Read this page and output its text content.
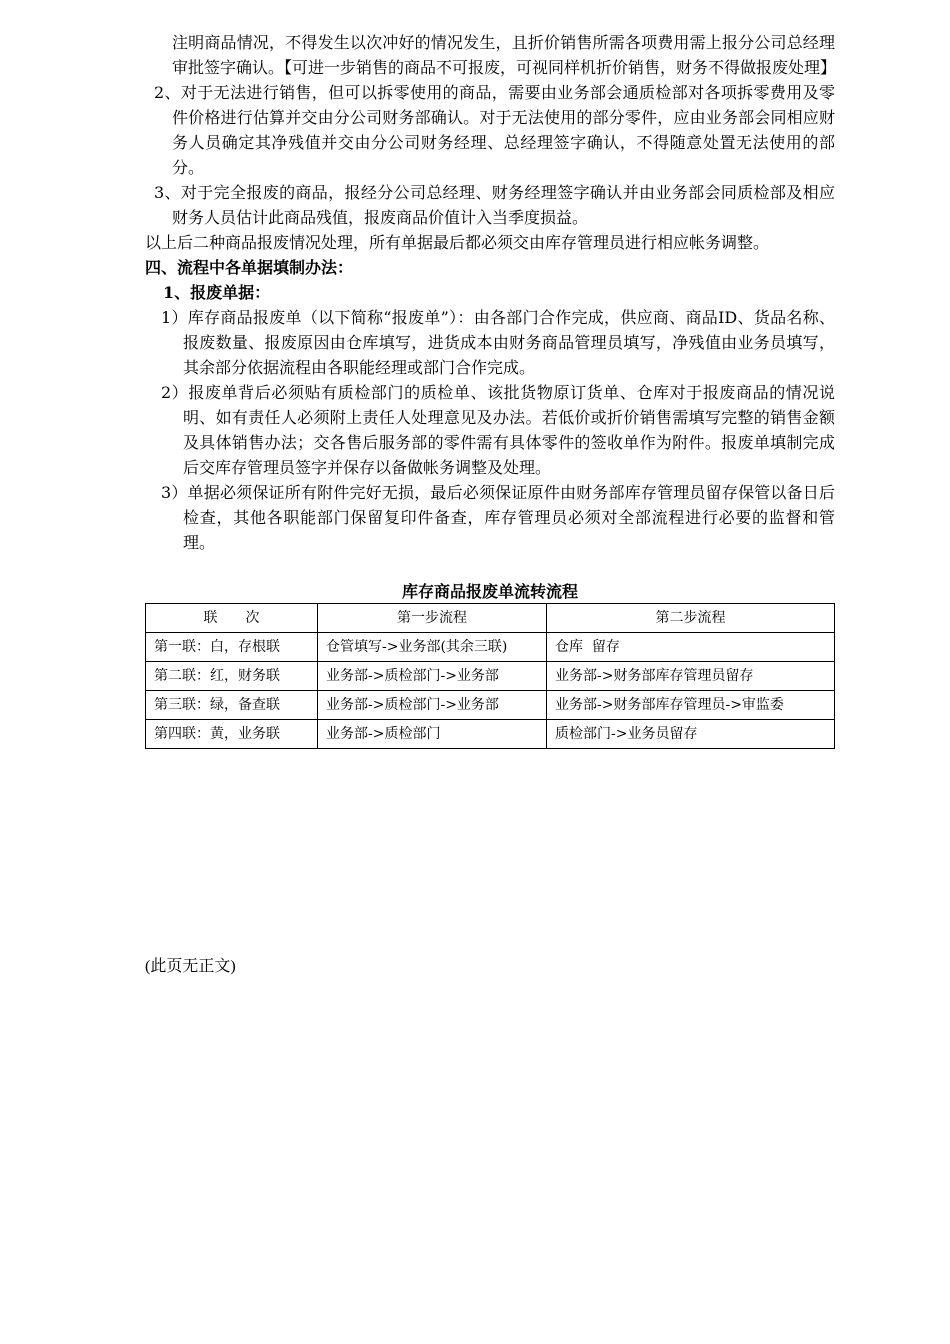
注明商品情况，不得发生以次冲好的情况发生，且折价销售所需各项费用需上报分公司总经理审批签字确认。【可进一步销售的商品不可报废，可视同样机折价销售，财务不得做报废处理】
2、对于无法进行销售，但可以拆零使用的商品，需要由业务部会通质检部对各项拆零费用及零件价格进行估算并交由分公司财务部确认。对于无法使用的部分零件，应由业务部会同相应财务人员确定其净残值并交由分公司财务经理、总经理签字确认，不得随意处置无法使用的部分。
3、对于完全报废的商品，报经分公司总经理、财务经理签字确认并由业务部会同质检部及相应财务人员估计此商品残值，报废商品价值计入当季度损益。
以上后二种商品报废情况处理，所有单据最后都必须交由库存管理员进行相应帐务调整。
四、流程中各单据填制办法：
1、报废单据：
1）库存商品报废单（以下简称“报废单”）：由各部门合作完成，供应商、商品ID、货品名称、报废数量、报废原因由仓库填写，进货成本由财务商品管理员填写，净残值由业务员填写，其余部分依据流程由各职能经理或部门合作完成。
2）报废单背后必须贴有质检部门的质检单、该批货物原订货单、仓库对于报废商品的情况说明、如有责任人必须附上责任人处理意见及办法。若低价或折价销售需填写完整的销售金额及具体销售办法；交各售后服务部的零件需有具体零件的签收单作为附件。报废单填制完成后交库存管理员签字并保存以备做帐务调整及处理。
3）单据必须保证所有附件完好无损，最后必须保证原件由财务部库存管理员留存保管以备日后检查，其他各职能部门保留复印件备查，库存管理员必须对全部流程进行必要的监督和管理。
库存商品报废单流转流程
联　　次	第一步流程	第二步流程
第一联：白，存根联	仓管填写->业务部(其余三联)	仓库  留存
第二联：红，财务联	业务部->质检部门->业务部	业务部->财务部库存管理员留存
第三联：绿，备查联	业务部->质检部门->业务部	业务部->财务部库存管理员->审监委
第四联：黄，业务联	业务部->质检部门	质检部门->业务员留存
(此页无正文)
